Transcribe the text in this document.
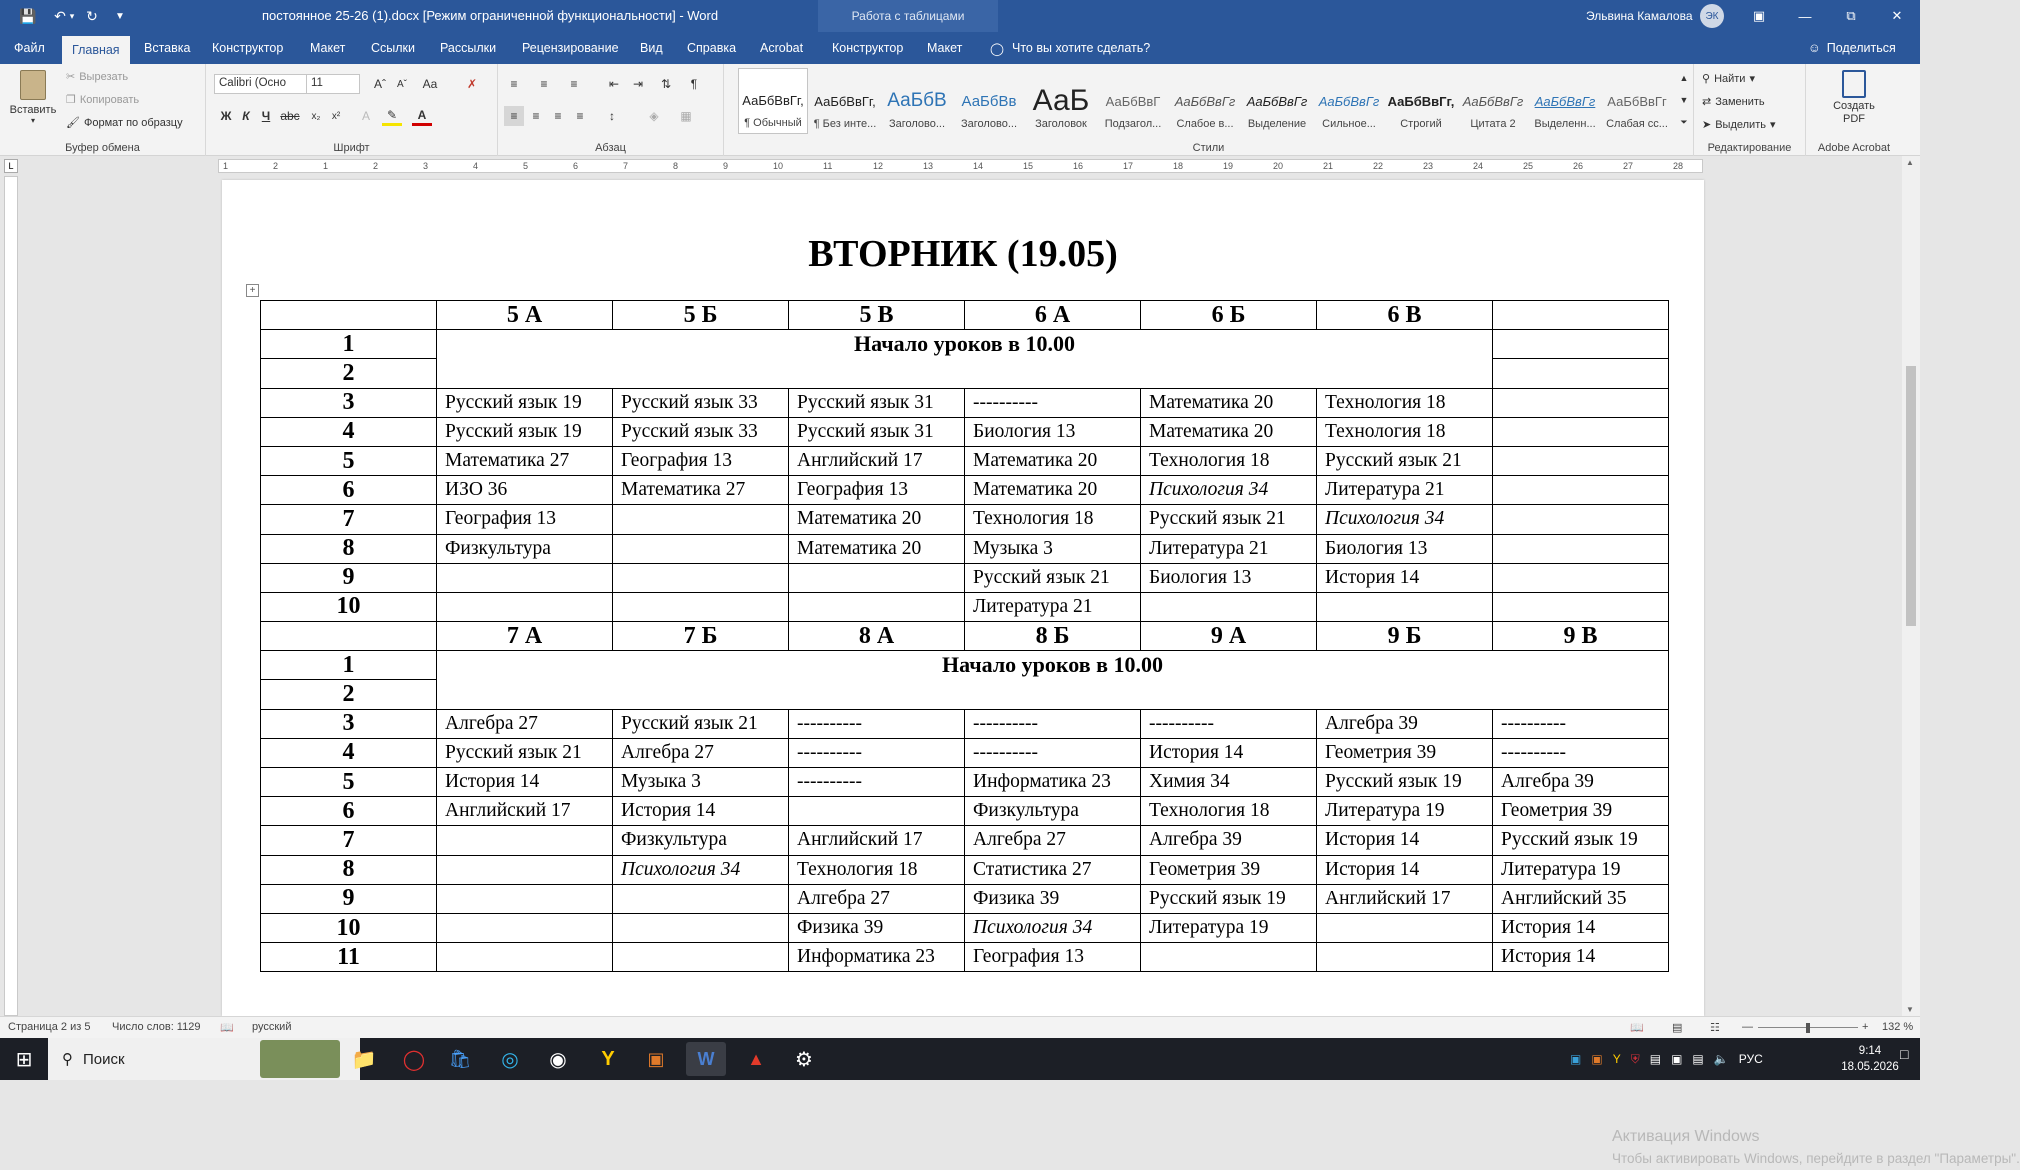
💾	↶ ▾ ↻	▼	постоянное 25-26 (1).docx [Режим ограниченной функциональности] - Word	Работа с таблицами	Эльвина Камалова	ЭК	▣	—	⧉	✕
Файл	Главная	Вставка	Конструктор	Макет	Ссылки	Рассылки	Рецензирование	Вид	Справка	Acrobat	Конструктор	Макет	◯ Что вы хотите сделать?	☺ Поделиться
Вставить
▾
✂ Вырезать
❐ Копировать
🖌 Формат по образцу
Буфер обмена
Calibri (Осно	11	Aˆ	Aˇ	Aa	✗
Ж К	Ч abc	x₂	x²	A	✎	A
Шрифт
≡	≡	≡	⇤	⇥	⇅	¶
≡	≡	≡	≡	↕	◈	▦
Абзац
АаБбВвГг,
¶ Обычный
АаБбВвГг,
¶ Без инте...
АаБбВ
Заголово...
АаБбВв
Заголово...
АаБ
Заголовок
АаБбВвГ
Подзагол...
АаБбВвГг
Слабое в...
АаБбВвГг
Выделение
АаБбВвГг
Сильное...
АаБбВвГг,
Строгий
АаБбВвГг
Цитата 2
АаБбВвГг
Выделенн...
АаБбВвГг
Слабая сс...
▲
▼
⏷
Стили
⚲ Найти ▾
⇄ Заменить
➤ Выделить ▾
Редактирование
Создать PDF
Adobe Acrobat
L	1	2	1	2	3	4	5	6	7	8	9	10	11	12	13	14	15	16	17	18	19	20	21	22	23	24	25	26	27	28
ВТОРНИК (19.05)
+
	5 А	5 Б	5 В	6 А	6 Б	6 В	
1	Начало уроков в 10.00						
2							
3	Русский язык 19	Русский язык 33	Русский язык 31	----------	Математика 20	Технология 18	
4	Русский язык 19	Русский язык 33	Русский язык 31	Биология 13	Математика 20	Технология 18	
5	Математика 27	География 13	Английский 17	Математика 20	Технология 18	Русский язык 21	
6	ИЗО 36	Математика 27	География 13	Математика 20	Психология 34	Литература 21	
7	География 13		Математика 20	Технология 18	Русский язык 21	Психология 34	
8	Физкультура		Математика 20	Музыка 3	Литература 21	Биология 13	
9				Русский язык 21	Биология 13	История 14	
10				Литература 21			
	7 А	7 Б	8 А	8 Б	9 А	9 Б	9 В
1	Начало уроков в 10.00						
2							
3	Алгебра 27	Русский язык 21	----------	----------	----------	Алгебра 39	----------
4	Русский язык 21	Алгебра 27	----------	----------	История 14	Геометрия 39	----------
5	История 14	Музыка 3	----------	Информатика 23	Химия 34	Русский язык 19	Алгебра 39
6	Английский 17	История 14		Физкультура	Технология 18	Литература 19	Геометрия 39
7		Физкультура	Английский 17	Алгебра 27	Алгебра 39	История 14	Русский язык 19
8		Психология 34	Технология 18	Статистика 27	Геометрия 39	История 14	Литература 19
9			Алгебра 27	Физика 39	Русский язык 19	Английский 17	Английский 35
10			Физика 39	Психология 34	Литература 19		История 14
11			Информатика 23	География 13			История 14
Активация Windows
Чтобы активировать Windows, перейдите в раздел "Параметры".
▲
▼
Страница 2 из 5 Число слов: 1129 📖 русский	📖	▤	☷ —	+ 132 %
⊞	⚲ Поиск	📁	◯	🛍	◎	◉	Y	▣	W	▲	⚙	▣ ▣ Y ⛨ ▤ ▣ ▤ 🔈 РУС
9:14
18.05.2026
□
